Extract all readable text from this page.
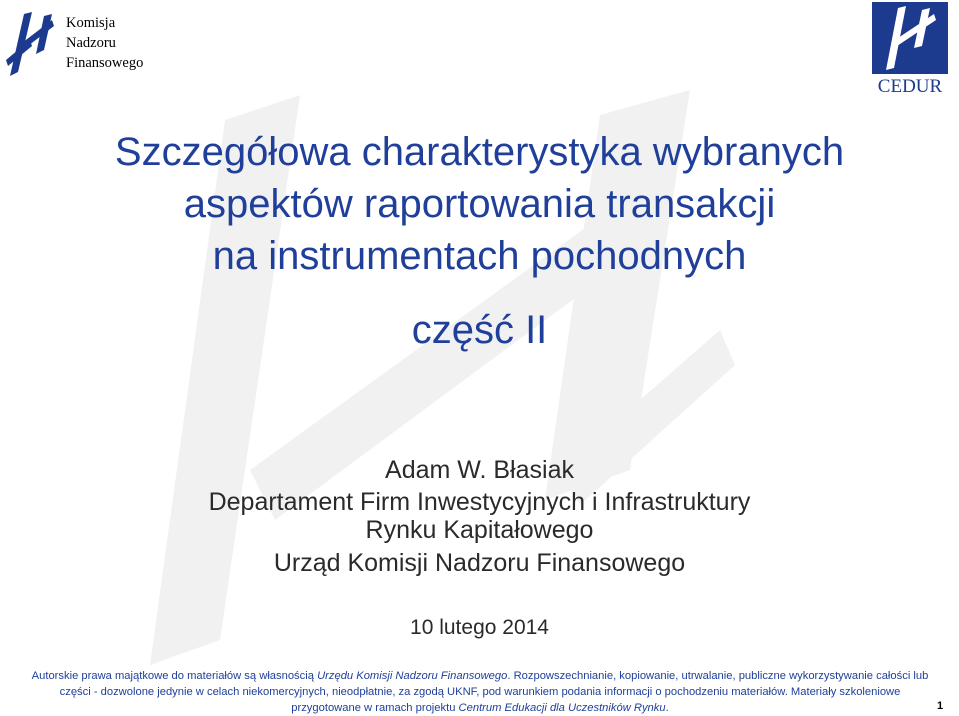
Komisja
Nadzoru
Finansowego
CEDUR
Szczegółowa charakterystyka wybranych
aspektów raportowania transakcji
na instrumentach pochodnych
część II
Adam W. Błasiak
Departament Firm Inwestycyjnych i Infrastruktury
Rynku Kapitałowego
Urząd Komisji Nadzoru Finansowego
10 lutego 2014
Autorskie prawa majątkowe do materiałów są własnością Urzędu Komisji Nadzoru Finansowego. Rozpowszechnianie, kopiowanie, utrwalanie, publiczne wykorzystywanie całości lub części - dozwolone jedynie w celach niekomercyjnych, nieodpłatnie, za zgodą UKNF, pod warunkiem podania informacji o pochodzeniu materiałów. Materiały szkoleniowe przygotowane w ramach projektu Centrum Edukacji dla Uczestników Rynku.	1
